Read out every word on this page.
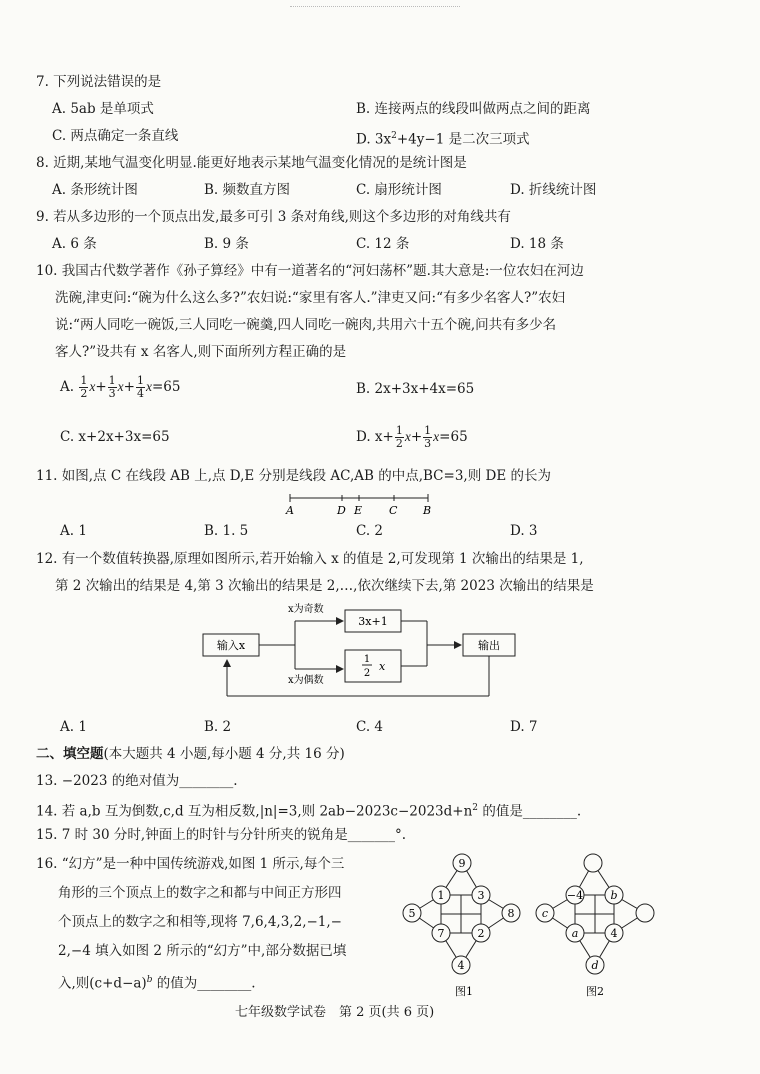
7. 下列说法错误的是
A. 5ab 是单项式	B. 连接两点的线段叫做两点之间的距离
C. 两点确定一条直线	D. $3x^2+4y-1$ 是二次三项式
8. 近期,某地气温变化明显.能更好地表示某地气温变化情况的是统计图是
A. 条形统计图	B. 频数直方图	C. 扇形统计图	D. 折线统计图
9. 若从多边形的一个顶点出发,最多可引 3 条对角线,则这个多边形的对角线共有
A. 6 条	B. 9 条	C. 12 条	D. 18 条
10. 我国古代数学著作《孙子算经》中有一道著名的“河妇荡杯”题.其大意是:一位农妇在河边
洗碗,津吏问:“碗为什么这么多?”农妇说:“家里有客人.”津吏又问:“有多少名客人?”农妇
说:“两人同吃一碗饭,三人同吃一碗羹,四人同吃一碗肉,共用六十五个碗,问共有多少名
客人?”设共有 x 名客人,则下面所列方程正确的是
A. $\frac{1}{2} x+ \frac{1}{3} x+ \frac{1}{4} x=65$	B. 2x+3x+4x=65
C. x+2x+3x=65	D. $x+ \frac{1}{2} x+ \frac{1}{3} x=65$
11. 如图,点 C 在线段 AB 上,点 D,E 分别是线段 AC,AB 的中点,BC=3,则 DE 的长为
A	D E C B
A. 1	B. 1. 5	C. 2	D. 3
12. 有一个数值转换器,原理如图所示,若开始输入 x 的值是 2,可发现第 1 次输出的结果是 1,
第 2 次输出的结果是 4,第 3 次输出的结果是 2,…,依次继续下去,第 2023 次输出的结果是
输入x
x为奇数
x为偶数
3x+1
1
2
x
输出
A. 1	B. 2	C. 4	D. 7
二、填空题(本大题共 4 小题,每小题 4 分,共 16 分)
13. −2023 的绝对值为________.
14. 若 a,b 互为倒数,c,d 互为相反数,|n|=3,则 $2ab-2023c-2023d+n^2$ 的值是________.
15. 7 时 30 分时,钟面上的时针与分针所夹的锐角是_______°.
16. “幻方”是一种中国传统游戏,如图 1 所示,每个三
角形的三个顶点上的数字之和都与中间正方形四
个顶点上的数字之和相等,现将 7,6,4,3,2,−1,−
2,−4 填入如图 2 所示的“幻方”中,部分数据已填
入,则$(c+d-a)^b$ 的值为________.
9
1	3
5
7	2
8
4
−4 b
c
a	4
d
图1	图2
七年级数学试卷　第 2 页(共 6 页)
